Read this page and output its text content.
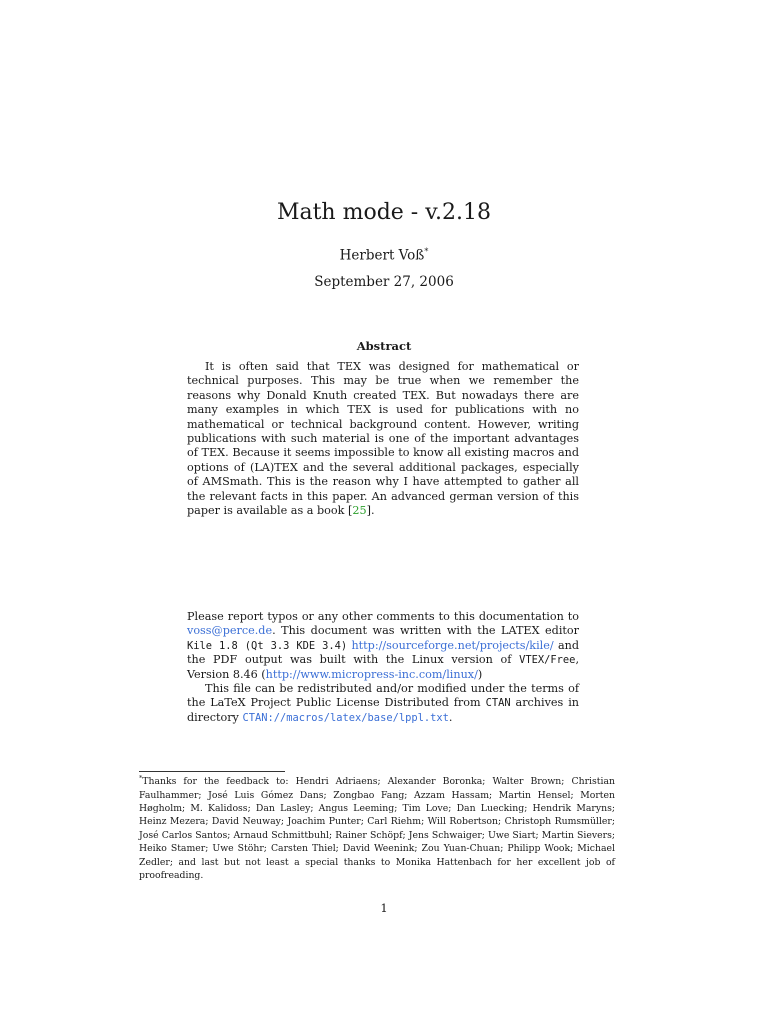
Math mode - v.2.18
Herbert Voß*
September 27, 2006
Abstract

It is often said that TEX was designed for mathematical or technical purposes. This may be true when we remember the reasons why Donald Knuth created TEX. But nowadays there are many examples in which TEX is used for publications with no mathematical or technical background content. However, writing publications with such material is one of the important advantages of TEX. Because it seems impossible to know all existing macros and options of (LA)TEX and the several additional packages, especially of AMSmath. This is the reason why I have attempted to gather all the relevant facts in this paper. An advanced german version of this paper is available as a book [25].

Please report typos or any other comments to this documentation to voss@perce.de. This document was written with the LATEX editor Kile 1.8 (Qt 3.3 KDE 3.4) http://sourceforge.net/projects/kile/ and the PDF output was built with the Linux version of VTEX/Free, Version 8.46 (http://www.micropress-inc.com/linux/)

This file can be redistributed and/or modified under the terms of the LaTeX Project Public License Distributed from CTAN archives in directory CTAN://macros/latex/base/lppl.txt.

*Thanks for the feedback to: Hendri Adriaens; Alexander Boronka; Walter Brown; Christian Faulhammer; José Luis Gómez Dans; Zongbao Fang; Azzam Hassam; Martin Hensel; Morten Høgholm; M. Kalidoss; Dan Lasley; Angus Leeming; Tim Love; Dan Luecking; Hendrik Maryns; Heinz Mezera; David Neuway; Joachim Punter; Carl Riehm; Will Robertson; Christoph Rumsmüller; José Carlos Santos; Arnaud Schmittbuhl; Rainer Schöpf; Jens Schwaiger; Uwe Siart; Martin Sievers; Heiko Stamer; Uwe Stöhr; Carsten Thiel; David Weenink; Zou Yuan-Chuan; Philipp Wook; Michael Zedler; and last but not least a special thanks to Monika Hattenbach for her excellent job of proofreading.

1
